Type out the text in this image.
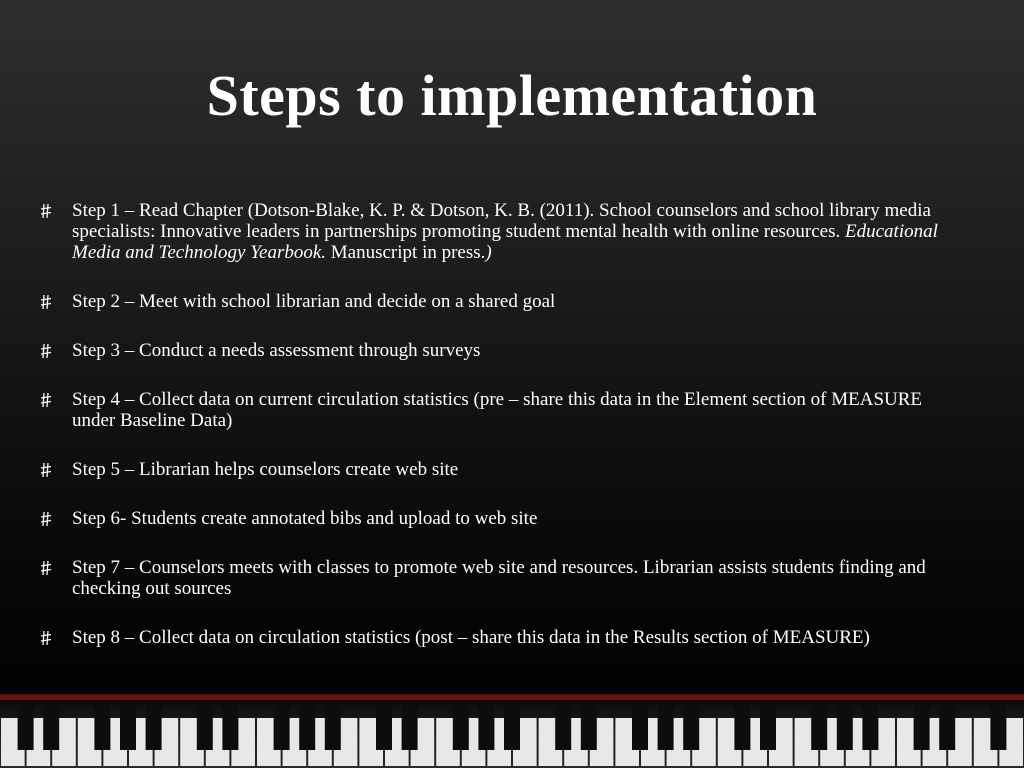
Steps to implementation
Step 1 – Read Chapter (Dotson-Blake, K. P. & Dotson, K. B. (2011). School counselors and school library media specialists: Innovative leaders in partnerships promoting student mental health with online resources. Educational Media and Technology Yearbook. Manuscript in press.)
Step 2 – Meet with school librarian and decide on a shared goal
Step 3 – Conduct a needs assessment through surveys
Step 4 – Collect data on current circulation statistics (pre – share this data in the Element section of MEASURE under Baseline Data)
Step 5 – Librarian helps counselors create web site
Step 6- Students create annotated bibs and upload to web site
Step 7 – Counselors meets with classes to promote web site and resources. Librarian assists students finding and checking out sources
Step 8 – Collect data on circulation statistics (post – share this data in the Results section of MEASURE)
